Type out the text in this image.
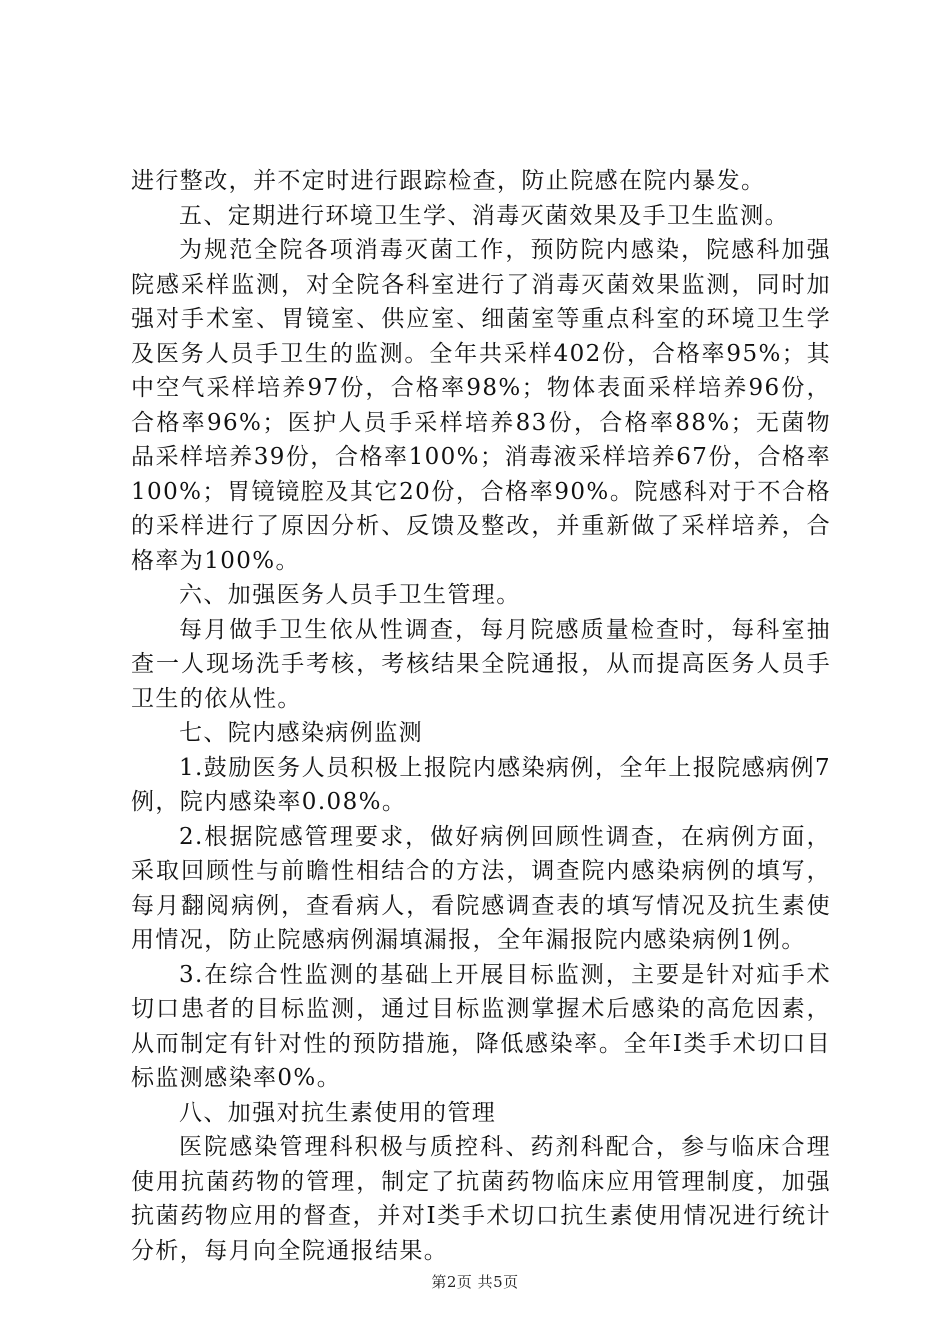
进行整改，并不定时进行跟踪检查，防止院感在院内暴发。

五、定期进行环境卫生学、消毒灭菌效果及手卫生监测。

为规范全院各项消毒灭菌工作，预防院内感染，院感科加强院感采样监测，对全院各科室进行了消毒灭菌效果监测，同时加强对手术室、胃镜室、供应室、细菌室等重点科室的环境卫生学及医务人员手卫生的监测。全年共采样402份，合格率95%；其中空气采样培养97份，合格率98%；物体表面采样培养96份，合格率96%；医护人员手采样培养83份，合格率88%；无菌物品采样培养39份，合格率100%；消毒液采样培养67份，合格率100%；胃镜镜腔及其它20份，合格率90%。院感科对于不合格的采样进行了原因分析、反馈及整改，并重新做了采样培养，合格率为100%。

六、加强医务人员手卫生管理。

每月做手卫生依从性调查，每月院感质量检查时，每科室抽查一人现场洗手考核，考核结果全院通报，从而提高医务人员手卫生的依从性。

七、院内感染病例监测

1.鼓励医务人员积极上报院内感染病例，全年上报院感病例7例，院内感染率0.08%。

2.根据院感管理要求，做好病例回顾性调查，在病例方面，采取回顾性与前瞻性相结合的方法，调查院内感染病例的填写，每月翻阅病例，查看病人，看院感调查表的填写情况及抗生素使用情况，防止院感病例漏填漏报，全年漏报院内感染病例1例。

3.在综合性监测的基础上开展目标监测，主要是针对疝手术切口患者的目标监测，通过目标监测掌握术后感染的高危因素，从而制定有针对性的预防措施，降低感染率。全年Ⅰ类手术切口目标监测感染率0%。

八、加强对抗生素使用的管理

医院感染管理科积极与质控科、药剂科配合，参与临床合理使用抗菌药物的管理，制定了抗菌药物临床应用管理制度，加强抗菌药物应用的督查，并对Ⅰ类手术切口抗生素使用情况进行统计分析，每月向全院通报结果。

第2页 共5页
